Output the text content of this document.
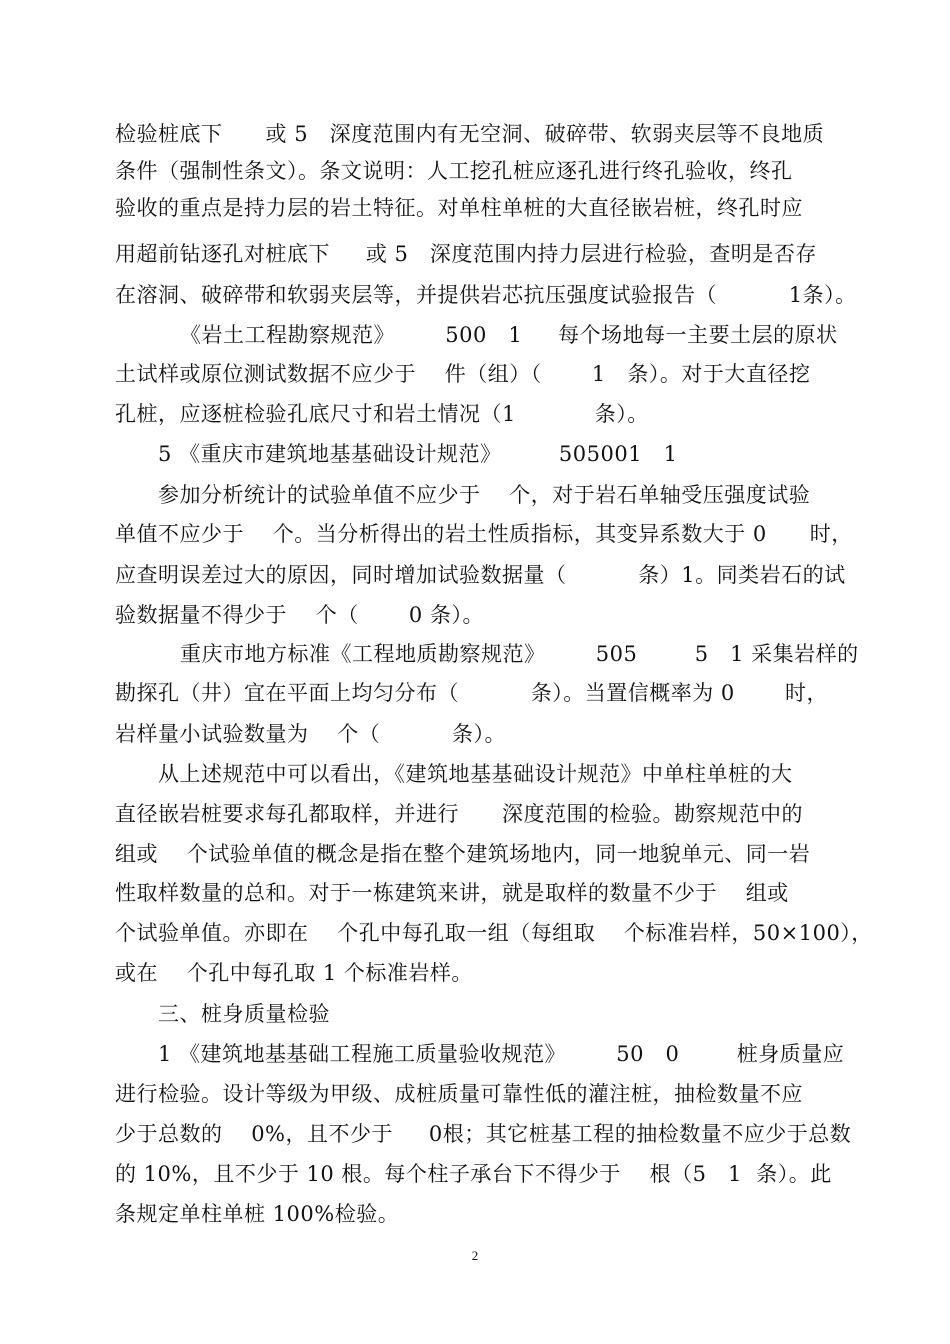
检验桩底下      或 5   深度范围内有无空洞、破碎带、软弱夹层等不良地质
条件（强制性条文）。条文说明：人工挖孔桩应逐孔进行终孔验收，终孔
验收的重点是持力层的岩土特征。对单柱单桩的大直径嵌岩桩，终孔时应
用超前钻逐孔对桩底下     或 5   深度范围内持力层进行检验，查明是否存
在溶洞、破碎带和软弱夹层等，并提供岩芯抗压强度试验报告（          1条）。
《岩土工程勘察规范》       500   1     每个场地每一主要土层的原状
土试样或原位测试数据不应少于    件（组）（       1   条）。对于大直径挖
孔桩，应逐桩检验孔底尺寸和岩土情况（1           条）。
5 《重庆市建筑地基基础设计规范》        505001   1
参加分析统计的试验单值不应少于    个，对于岩石单轴受压强度试验
单值不应少于    个。当分析得出的岩土性质指标，其变异系数大于 0      时，
应查明误差过大的原因，同时增加试验数据量（          条）1。同类岩石的试
验数据量不得少于    个（       0 条）。
重庆市地方标准《工程地质勘察规范》       505        5   1 采集岩样的
勘探孔（井）宜在平面上均匀分布（          条）。当置信概率为 0       时，
岩样量小试验数量为    个（          条）。
从上述规范中可以看出，《建筑地基基础设计规范》中单柱单桩的大
直径嵌岩桩要求每孔都取样，并进行      深度范围的检验。勘察规范中的
组或    个试验单值的概念是指在整个建筑场地内，同一地貌单元、同一岩
性取样数量的总和。对于一栋建筑来讲，就是取样的数量不少于    组或
个试验单值。亦即在    个孔中每孔取一组（每组取    个标准岩样，50×100），
或在    个孔中每孔取 1 个标准岩样。
三、桩身质量检验
1 《建筑地基基础工程施工质量验收规范》       50   0        桩身质量应
进行检验。设计等级为甲级、成桩质量可靠性低的灌注桩，抽检数量不应
少于总数的    0%，且不少于     0根；其它桩基工程的抽检数量不应少于总数
的 10%，且不少于 10 根。每个柱子承台下不得少于    根（5   1  条）。此
条规定单柱单桩 100%检验。
2
